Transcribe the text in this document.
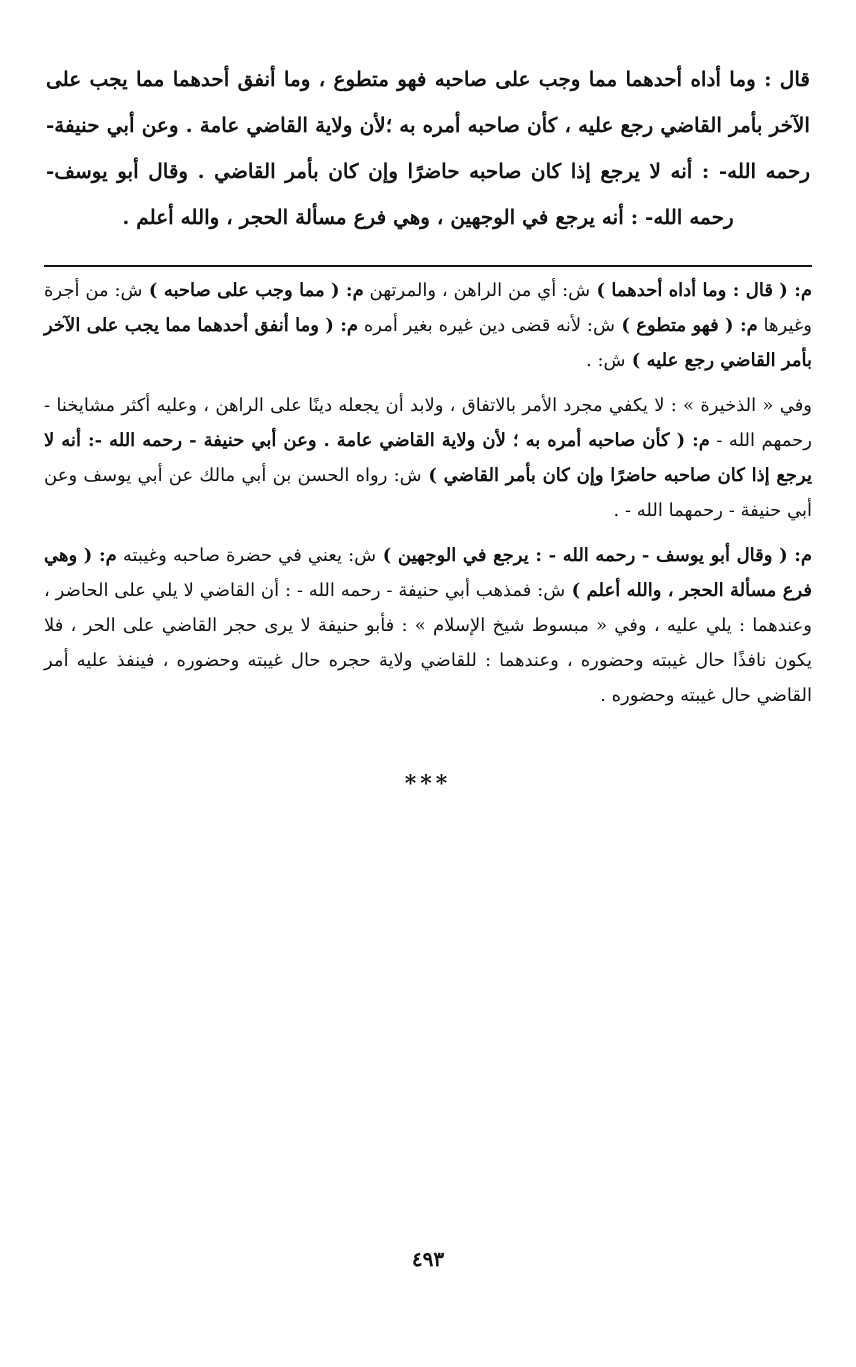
قال : وما أداه أحدهما مما وجب على صاحبه فهو متطوع ، وما أنفق أحدهما مما يجب على الآخر بأمر القاضي رجع عليه ، كأن صاحبه أمره به ؛لأن ولاية القاضي عامة . وعن أبي حنيفة- رحمه الله- : أنه لا يرجع إذا كان صاحبه حاضرًا وإن كان بأمر القاضي . وقال أبو يوسف- رحمه الله- : أنه يرجع في الوجهين ، وهي فرع مسألة الحجر ، والله أعلم .

م: ( قال : وما أداه أحدهما ) ش: أي من الراهن ، والمرتهن م: ( مما وجب على صاحبه ) ش: من أجرة وغيرها م: ( فهو متطوع ) ش: لأنه قضى دين غيره بغير أمره م: ( وما أنفق أحدهما مما يجب على الآخر بأمر القاضي رجع عليه ) ش: .

وفي « الذخيرة » : لا يكفي مجرد الأمر بالاتفاق ، ولابد أن يجعله دينًا على الراهن ، وعليه أكثر مشايخنا - رحمهم الله - م: ( كأن صاحبه أمره به ؛ لأن ولاية القاضي عامة . وعن أبي حنيفة - رحمه الله -: أنه لا يرجع إذا كان صاحبه حاضرًا وإن كان بأمر القاضي ) ش: رواه الحسن بن أبي مالك عن أبي يوسف وعن أبي حنيفة - رحمهما الله - .

م: ( وقال أبو يوسف - رحمه الله - : يرجع في الوجهين ) ش: يعني في حضرة صاحبه وغيبته م: ( وهي فرع مسألة الحجر ، والله أعلم ) ش: فمذهب أبي حنيفة - رحمه الله - : أن القاضي لا يلي على الحاضر ، وعندهما : يلي عليه ، وفي « مبسوط شيخ الإسلام » : فأبو حنيفة لا يرى حجر القاضي على الحر ، فلا يكون نافذًا حال غيبته وحضوره ، وعندهما : للقاضي ولاية حجره حال غيبته وحضوره ، فينفذ عليه أمر القاضي حال غيبته وحضوره .

***
٤٩٣
